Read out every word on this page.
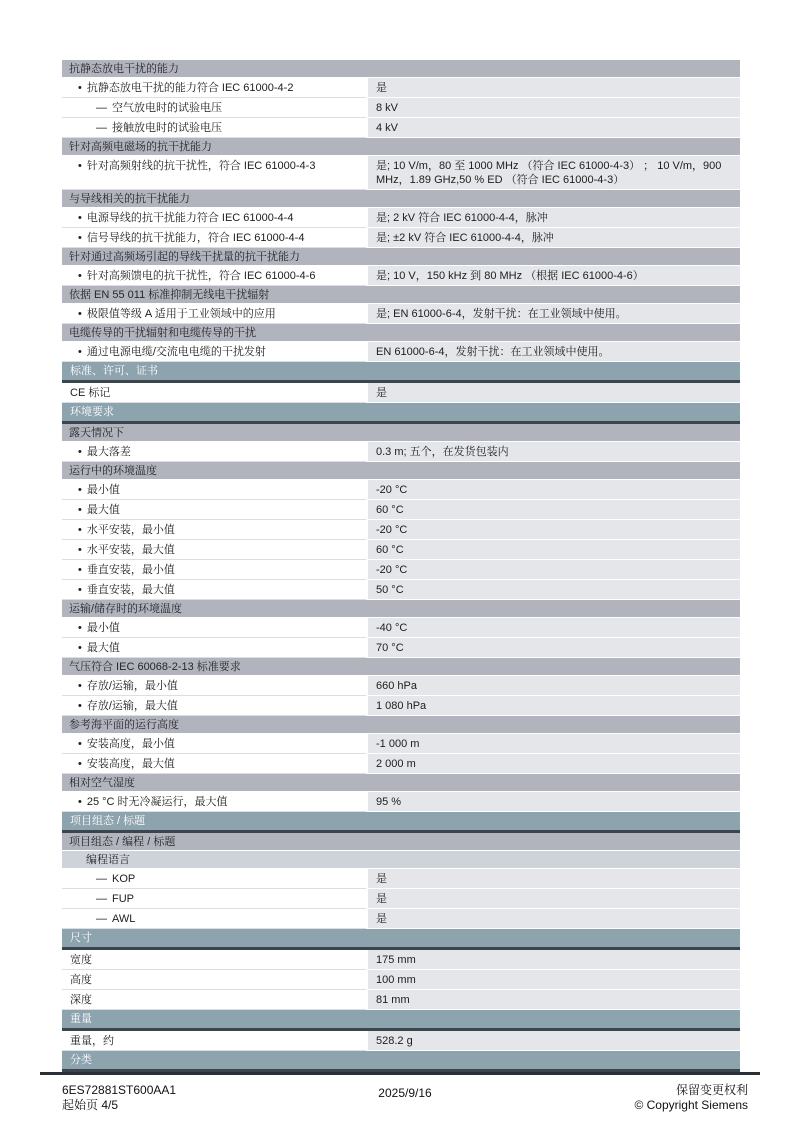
抗静态放电干扰的能力
• 抗静态放电干扰的能力符合 IEC 61000-4-2	是
— 空气放电时的试验电压	8 kV
— 接触放电时的试验电压	4 kV
针对高频电磁场的抗干扰能力
• 针对高频射线的抗干扰性，符合 IEC 61000-4-3	是; 10 V/m，80 至 1000 MHz （符合 IEC 61000-4-3） ； 10 V/m，900 MHz，1.89 GHz,50 % ED （符合 IEC 61000-4-3）
与导线相关的抗干扰能力
• 电源导线的抗干扰能力符合 IEC 61000-4-4	是; 2 kV 符合 IEC 61000-4-4，脉冲
• 信号导线的抗干扰能力，符合 IEC 61000-4-4	是; ±2 kV 符合 IEC 61000-4-4，脉冲
针对通过高频场引起的导线干扰量的抗干扰能力
• 针对高频馈电的抗干扰性，符合 IEC 61000-4-6	是; 10 V，150 kHz 到 80 MHz （根据 IEC 61000-4-6）
依据 EN 55 011 标准抑制无线电干扰辐射
• 极限值等级 A 适用于工业领域中的应用	是; EN 61000-6-4，发射干扰：在工业领域中使用。
电缆传导的干扰辐射和电缆传导的干扰
• 通过电源电缆/交流电电缆的干扰发射	EN 61000-6-4，发射干扰：在工业领域中使用。
标准、许可、证书
CE 标记	是
环境要求
露天情况下
• 最大落差	0.3 m; 五个，在发货包装内
运行中的环境温度
• 最小值	-20 °C
• 最大值	60 °C
• 水平安装，最小值	-20 °C
• 水平安装，最大值	60 °C
• 垂直安装，最小值	-20 °C
• 垂直安装，最大值	50 °C
运输/储存时的环境温度
• 最小值	-40 °C
• 最大值	70 °C
气压符合 IEC 60068-2-13 标准要求
• 存放/运输，最小值	660 hPa
• 存放/运输，最大值	1 080 hPa
参考海平面的运行高度
• 安装高度，最小值	-1 000 m
• 安装高度，最大值	2 000 m
相对空气湿度
• 25 °C 时无冷凝运行，最大值	95 %
项目组态 / 标题
项目组态 / 编程 / 标题
编程语言
— KOP	是
— FUP	是
— AWL	是
尺寸
宽度	175 mm
高度	100 mm
深度	81 mm
重量
重量，约	528.2 g
分类
6ES72881ST600AA1
起始页 4/5
2025/9/16	保留变更权利
© Copyright Siemens
